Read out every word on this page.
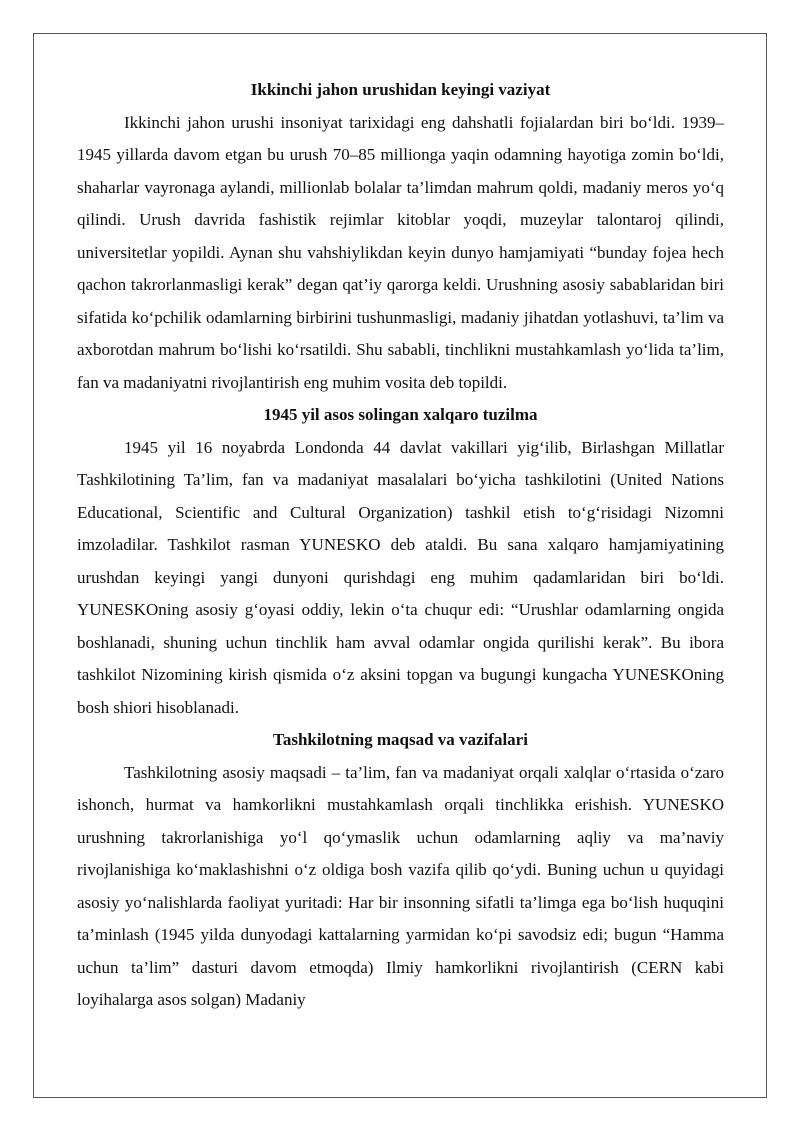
Ikkinchi jahon urushidan keyingi vaziyat

Ikkinchi jahon urushi insoniyat tarixidagi eng dahshatli fojialardan biri bo‘ldi. 1939–1945 yillarda davom etgan bu urush 70–85 millionga yaqin odamning hayotiga zomin bo‘ldi, shaharlar vayronaga aylandi, millionlab bolalar ta’limdan mahrum qoldi, madaniy meros yo‘q qilindi. Urush davrida fashistik rejimlar kitoblar yoqdi, muzeylar talontaroj qilindi, universitetlar yopildi. Aynan shu vahshiylikdan keyin dunyo hamjamiyati “bunday fojea hech qachon takrorlanmasligi kerak” degan qat’iy qarorga keldi. Urushning asosiy sabablaridan biri sifatida ko‘pchilik odamlarning birbirini tushunmasligi, madaniy jihatdan yotlashuvi, ta’lim va axborotdan mahrum bo‘lishi ko‘rsatildi. Shu sababli, tinchlikni mustahkamlash yo‘lida ta’lim, fan va madaniyatni rivojlantirish eng muhim vosita deb topildi.

1945 yil asos solingan xalqaro tuzilma

1945 yil 16 noyabrda Londonda 44 davlat vakillari yig‘ilib, Birlashgan Millatlar Tashkilotining Ta’lim, fan va madaniyat masalalari bo‘yicha tashkilotini (United Nations Educational, Scientific and Cultural Organization) tashkil etish to‘g‘risidagi Nizomni imzoladilar. Tashkilot rasman YUNESKO deb ataldi. Bu sana xalqaro hamjamiyatining urushdan keyingi yangi dunyoni qurishdagi eng muhim qadamlaridan biri bo‘ldi. YUNESKOning asosiy g‘oyasi oddiy, lekin o‘ta chuqur edi: “Urushlar odamlarning ongida boshlanadi, shuning uchun tinchlik ham avval odamlar ongida qurilishi kerak”. Bu ibora tashkilot Nizomining kirish qismida o‘z aksini topgan va bugungi kungacha YUNESKOning bosh shiori hisoblanadi.

Tashkilotning maqsad va vazifalari

Tashkilotning asosiy maqsadi – ta’lim, fan va madaniyat orqali xalqlar o‘rtasida o‘zaro ishonch, hurmat va hamkorlikni mustahkamlash orqali tinchlikka erishish. YUNESKO urushning takrorlanishiga yo‘l qo‘ymaslik uchun odamlarning aqliy va ma’naviy rivojlanishiga ko‘maklashishni o‘z oldiga bosh vazifa qilib qo‘ydi. Buning uchun u quyidagi asosiy yo‘nalishlarda faoliyat yuritadi: Har bir insonning sifatli ta’limga ega bo‘lish huquqini ta’minlash (1945 yilda dunyodagi kattalarning yarmidan ko‘pi savodsiz edi; bugun “Hamma uchun ta’lim” dasturi davom etmoqda) Ilmiy hamkorlikni rivojlantirish (CERN kabi loyihalarga asos solgan) Madaniy
